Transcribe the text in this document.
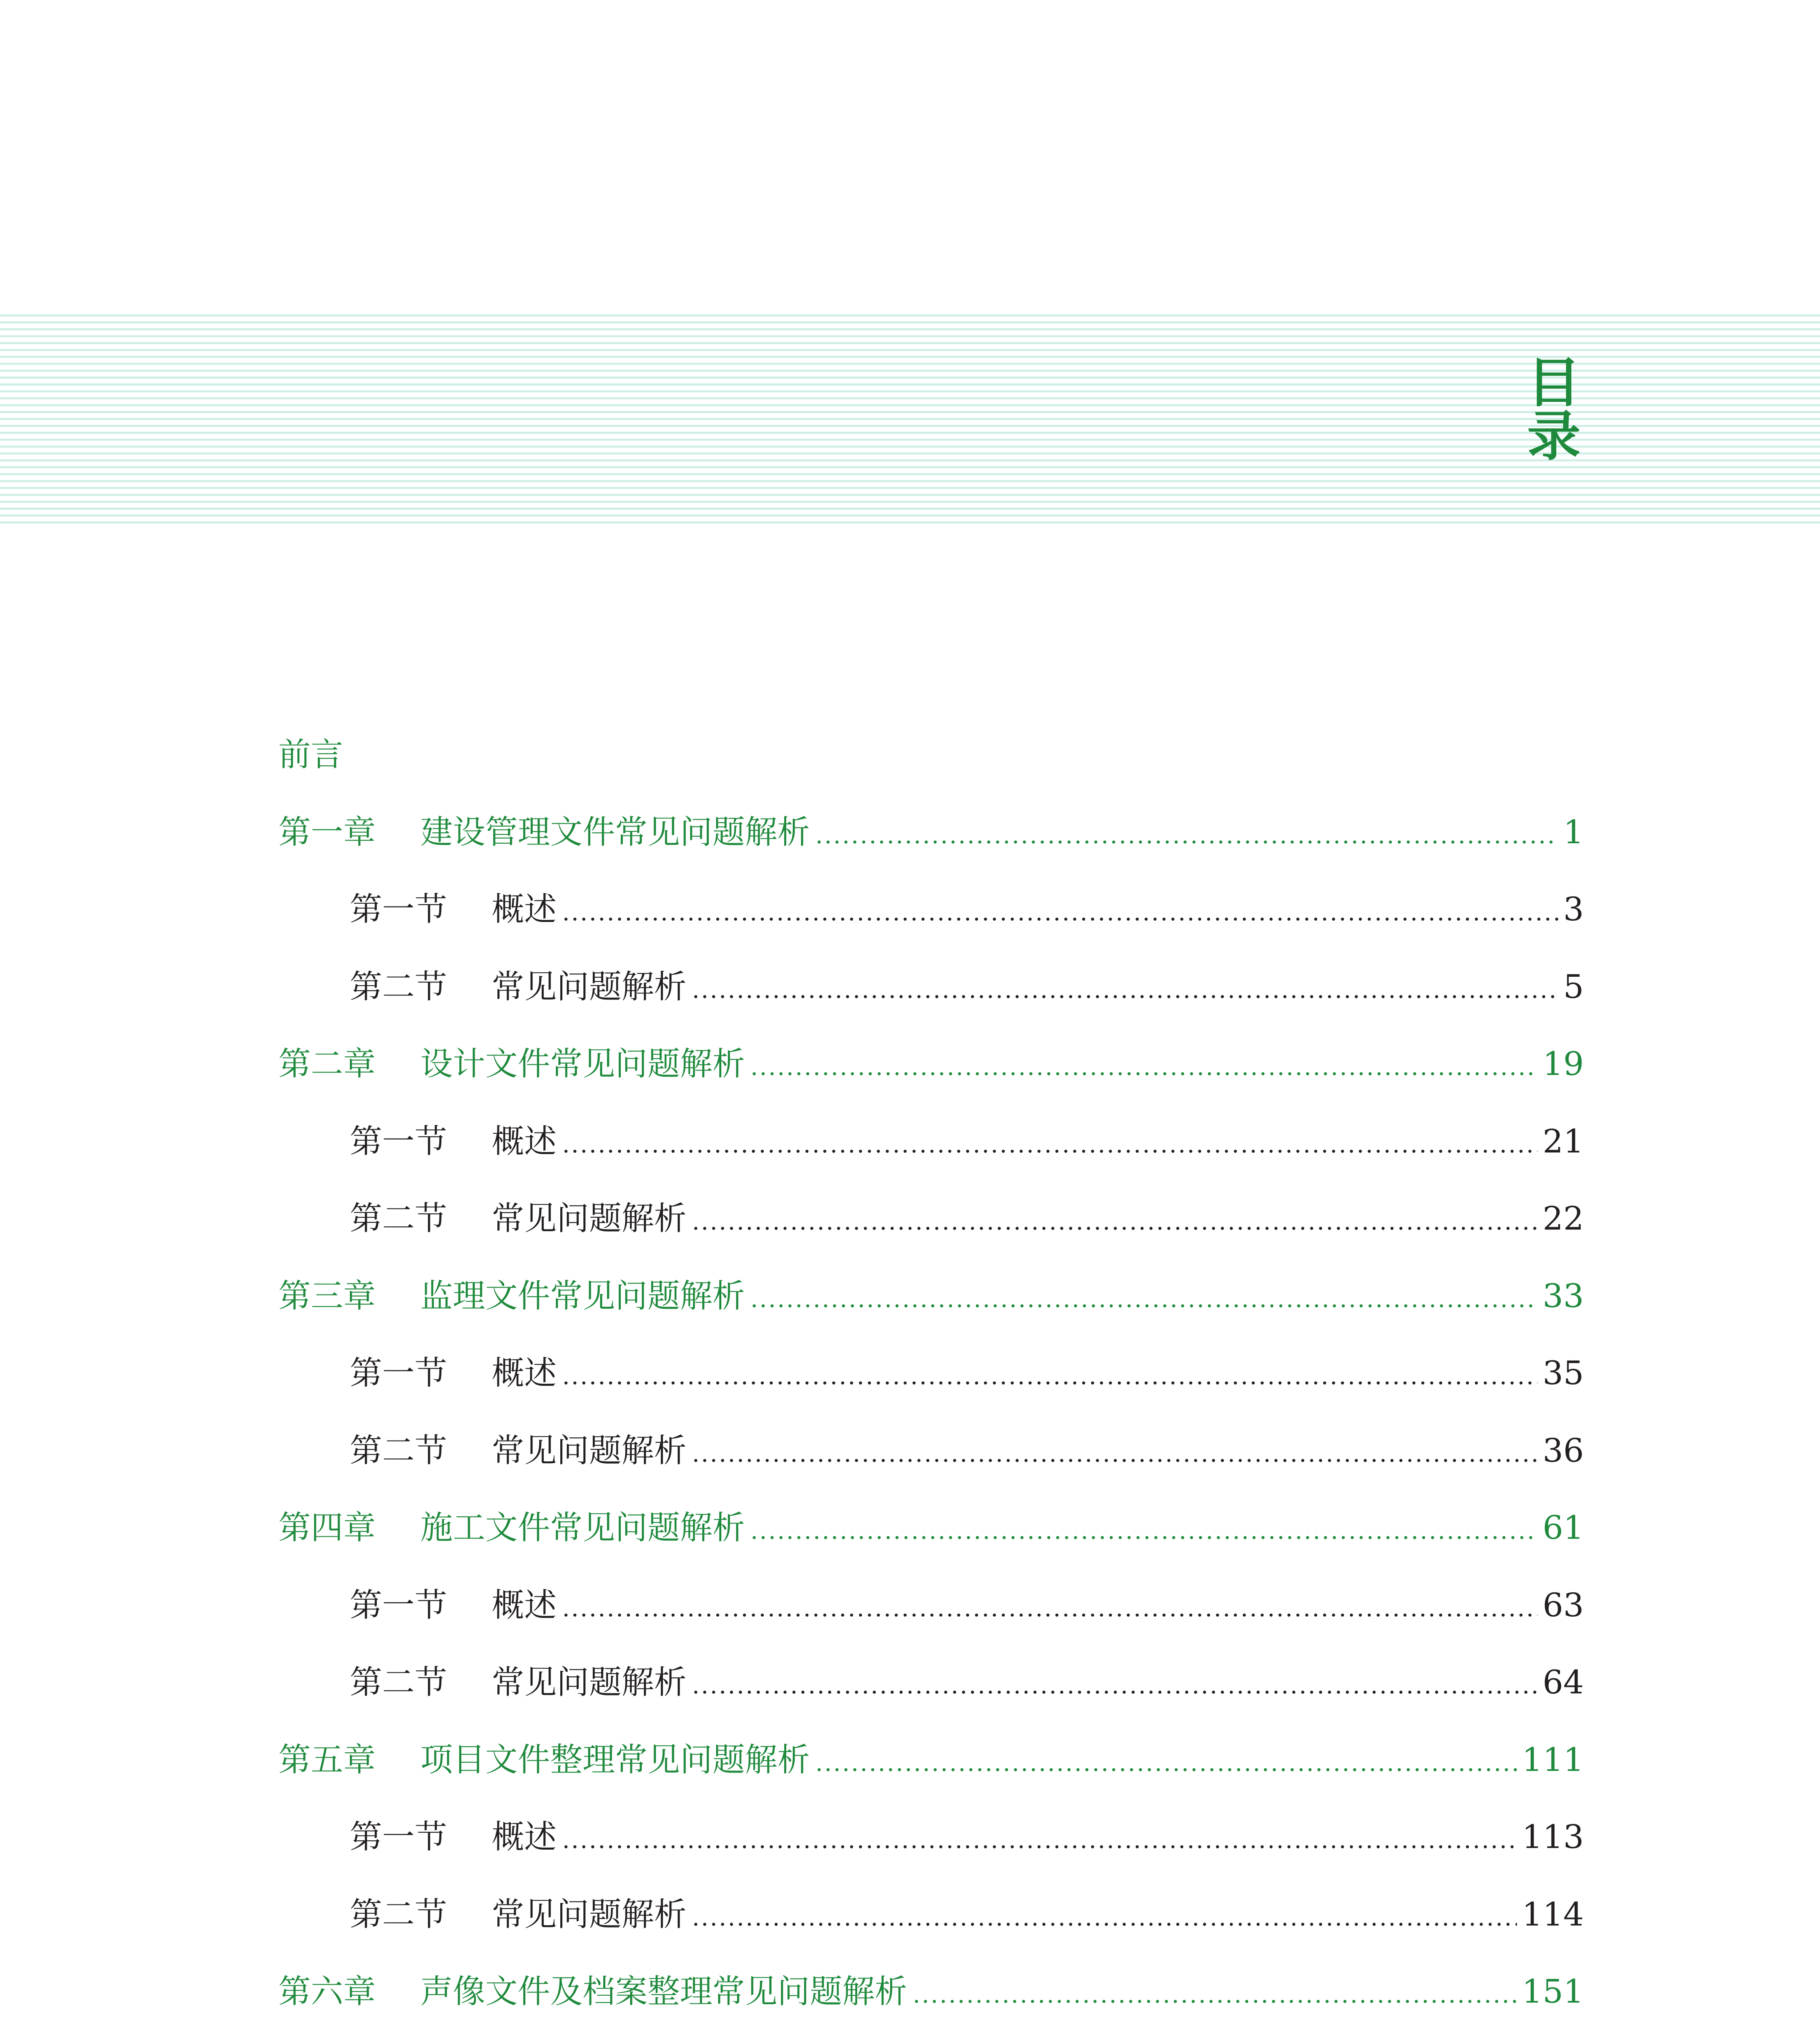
目
录
前言
第一章	建设管理文件常见问题解析	1
第一节	概述	3
第二节	常见问题解析	5
第二章	设计文件常见问题解析	19
第一节	概述	21
第二节	常见问题解析	22
第三章	监理文件常见问题解析	33
第一节	概述	35
第二节	常见问题解析	36
第四章	施工文件常见问题解析	61
第一节	概述	63
第二节	常见问题解析	64
第五章	项目文件整理常见问题解析	111
第一节	概述	113
第二节	常见问题解析	114
第六章	声像文件及档案整理常见问题解析	151
